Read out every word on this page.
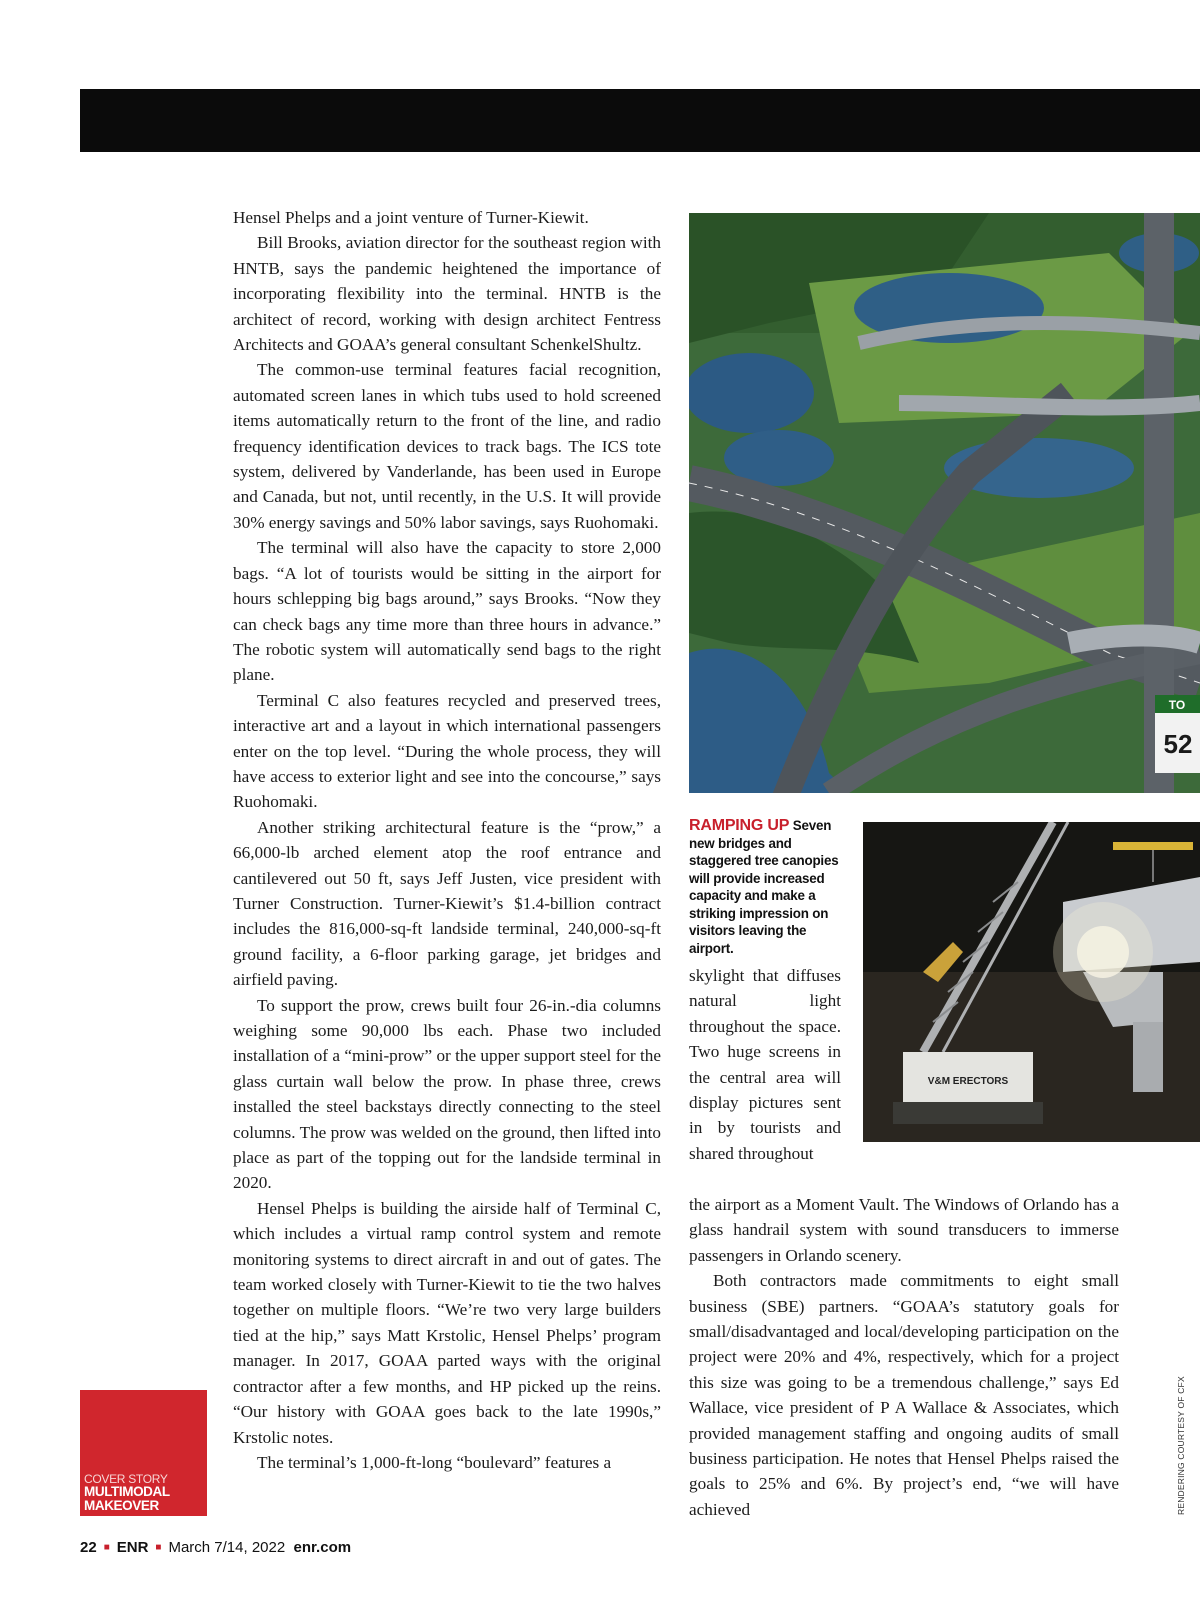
Hensel Phelps and a joint venture of Turner-Kiewit.

Bill Brooks, aviation director for the southeast region with HNTB, says the pandemic heightened the importance of incorporating flexibility into the terminal. HNTB is the architect of record, working with design architect Fentress Architects and GOAA’s general consultant SchenkelShultz.

The common-use terminal features facial recognition, automated screen lanes in which tubs used to hold screened items automatically return to the front of the line, and radio frequency identification devices to track bags. The ICS tote system, delivered by Vanderlande, has been used in Europe and Canada, but not, until recently, in the U.S. It will provide 30% energy savings and 50% labor savings, says Ruohomaki.

The terminal will also have the capacity to store 2,000 bags. “A lot of tourists would be sitting in the airport for hours schlepping big bags around,” says Brooks. “Now they can check bags any time more than three hours in advance.” The robotic system will automatically send bags to the right plane.

Terminal C also features recycled and preserved trees, interactive art and a layout in which international passengers enter on the top level. “During the whole process, they will have access to exterior light and see into the concourse,” says Ruohomaki.

Another striking architectural feature is the “prow,” a 66,000-lb arched element atop the roof entrance and cantilevered out 50 ft, says Jeff Justen, vice president with Turner Construction. Turner-Kiewit’s $1.4-billion contract includes the 816,000-sq-ft landside terminal, 240,000-sq-ft ground facility, a 6-floor parking garage, jet bridges and airfield paving.

To support the prow, crews built four 26-in.-dia columns weighing some 90,000 lbs each. Phase two included installation of a “mini-prow” or the upper support steel for the glass curtain wall below the prow. In phase three, crews installed the steel backstays directly connecting to the steel columns. The prow was welded on the ground, then lifted into place as part of the topping out for the landside terminal in 2020.

Hensel Phelps is building the airside half of Terminal C, which includes a virtual ramp control system and remote monitoring systems to direct aircraft in and out of gates. The team worked closely with Turner-Kiewit to tie the two halves together on multiple floors. “We’re two very large builders tied at the hip,” says Matt Krstolic, Hensel Phelps’ program manager. In 2017, GOAA parted ways with the original contractor after a few months, and HP picked up the reins. “Our history with GOAA goes back to the late 1990s,” Krstolic notes.

The terminal’s 1,000-ft-long “boulevard” features a

TO
52
RAMPING UP Seven new bridges and staggered tree canopies will provide increased capacity and make a striking impression on visitors leaving the airport.
V&M ERECTORS

skylight that diffuses natural light throughout the space. Two huge screens in the central area will display pictures sent in by tourists and shared throughout

the airport as a Moment Vault. The Windows of Orlando has a glass handrail system with sound transducers to immerse passengers in Orlando scenery.

Both contractors made commitments to eight small business (SBE) partners. “GOAA’s statutory goals for small/disadvantaged and local/developing participation on the project were 20% and 4%, respectively, which for a project this size was going to be a tremendous challenge,” says Ed Wallace, vice president of P A Wallace & Associates, which provided management staffing and ongoing audits of small business participation. He notes that Hensel Phelps raised the goals to 25% and 6%. By project’s end, “we will have achieved

COVER STORY
MULTIMODAL MAKEOVER
22 ■ ENR ■ March 7/14, 2022 enr.com
RENDERING COURTESY OF CFX
